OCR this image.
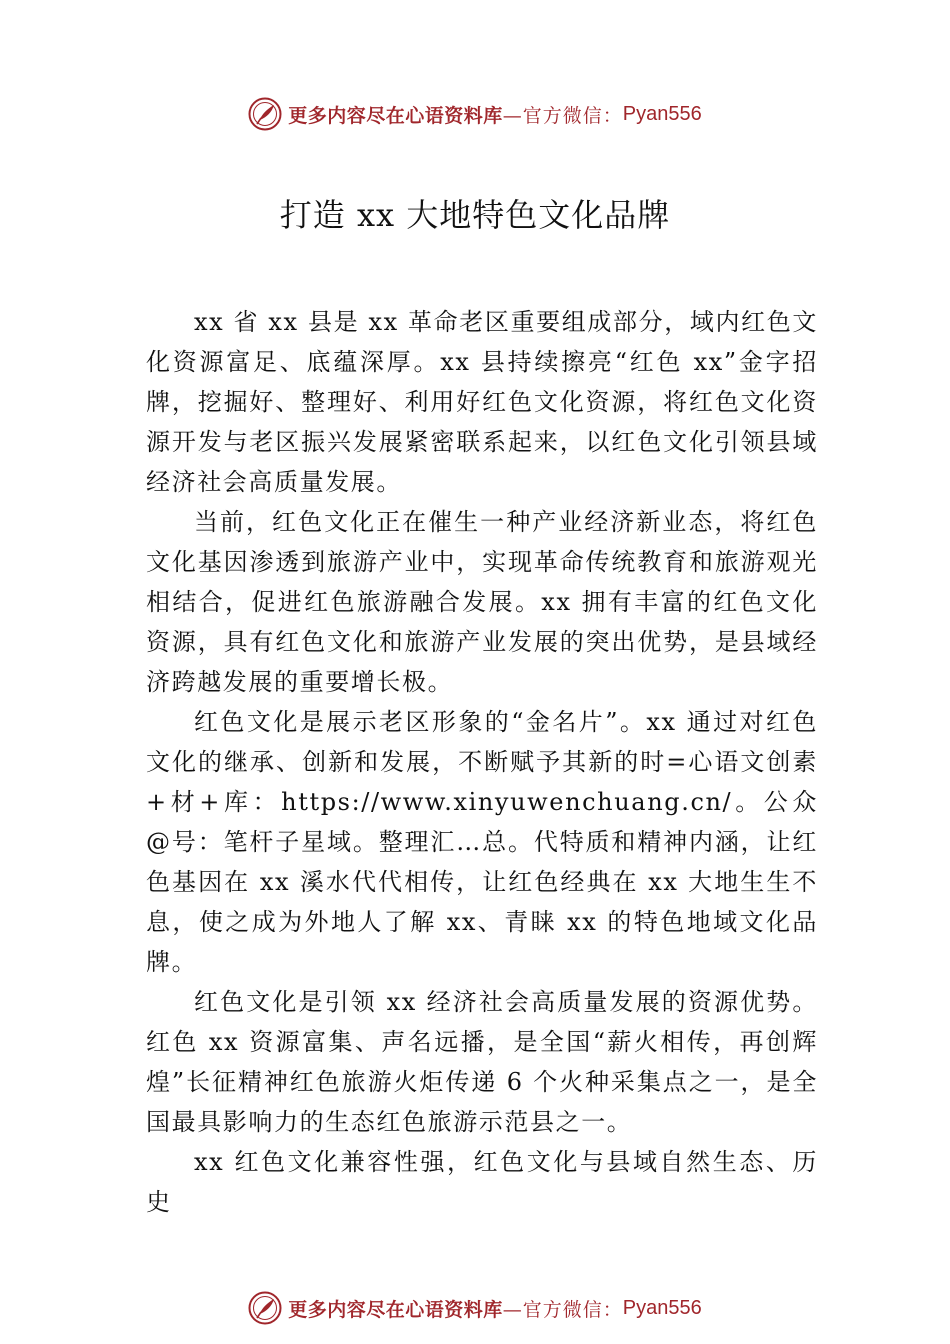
更多内容尽在心语资料库 —官方微信： Pyan556
打造 xx 大地特色文化品牌

xx 省 xx 县是 xx 革命老区重要组成部分，域内红色文化资源富足、底蕴深厚。xx 县持续擦亮“红色 xx”金字招牌，挖掘好、整理好、利用好红色文化资源，将红色文化资源开发与老区振兴发展紧密联系起来，以红色文化引领县域经济社会高质量发展。

当前，红色文化正在催生一种产业经济新业态，将红色文化基因渗透到旅游产业中，实现革命传统教育和旅游观光相结合，促进红色旅游融合发展。xx 拥有丰富的红色文化资源，具有红色文化和旅游产业发展的突出优势，是县域经济跨越发展的重要增长极。

红色文化是展示老区形象的“金名片”。xx 通过对红色文化的继承、创新和发展，不断赋予其新的时=心语文创素+材+库：https://www.xinyuwenchuang.cn/。公众@号：笔杆子星域。整理汇…总。代特质和精神内涵，让红色基因在 xx 溪水代代相传，让红色经典在 xx 大地生生不息，使之成为外地人了解 xx、青睐 xx 的特色地域文化品牌。

红色文化是引领 xx 经济社会高质量发展的资源优势。红色 xx 资源富集、声名远播，是全国“薪火相传，再创辉煌”长征精神红色旅游火炬传递 6 个火种采集点之一，是全国最具影响力的生态红色旅游示范县之一。

xx 红色文化兼容性强，红色文化与县域自然生态、历史

更多内容尽在心语资料库 —官方微信： Pyan556
